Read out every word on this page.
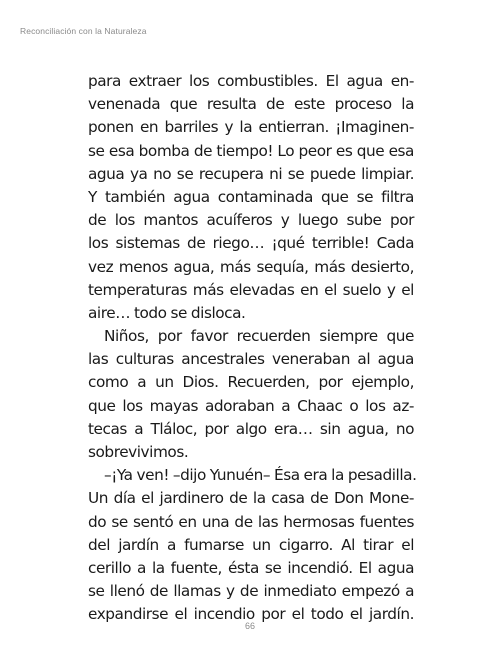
Reconciliación con la Naturaleza
para extraer los combustibles. El agua en-
venenada que resulta de este proceso la
ponen en barriles y la entierran. ¡Imaginen-
se esa bomba de tiempo! Lo peor es que esa
agua ya no se recupera ni se puede limpiar.
Y también agua contaminada que se filtra
de los mantos acuíferos y luego sube por
los sistemas de riego… ¡qué terrible! Cada
vez menos agua, más sequía, más desierto,
temperaturas más elevadas en el suelo y el
aire… todo se disloca.
Niños, por favor recuerden siempre que
las culturas ancestrales veneraban al agua
como a un Dios. Recuerden, por ejemplo,
que los mayas adoraban a Chaac o los az-
tecas a Tláloc, por algo era… sin agua, no
sobrevivimos.
–¡Ya ven! –dijo Yunuén– Ésa era la pesadilla.
Un día el jardinero de la casa de Don Mone-
do se sentó en una de las hermosas fuentes
del jardín a fumarse un cigarro. Al tirar el
cerillo a la fuente, ésta se incendió. El agua
se llenó de llamas y de inmediato empezó a
expandirse el incendio por el todo el jardín.
66
